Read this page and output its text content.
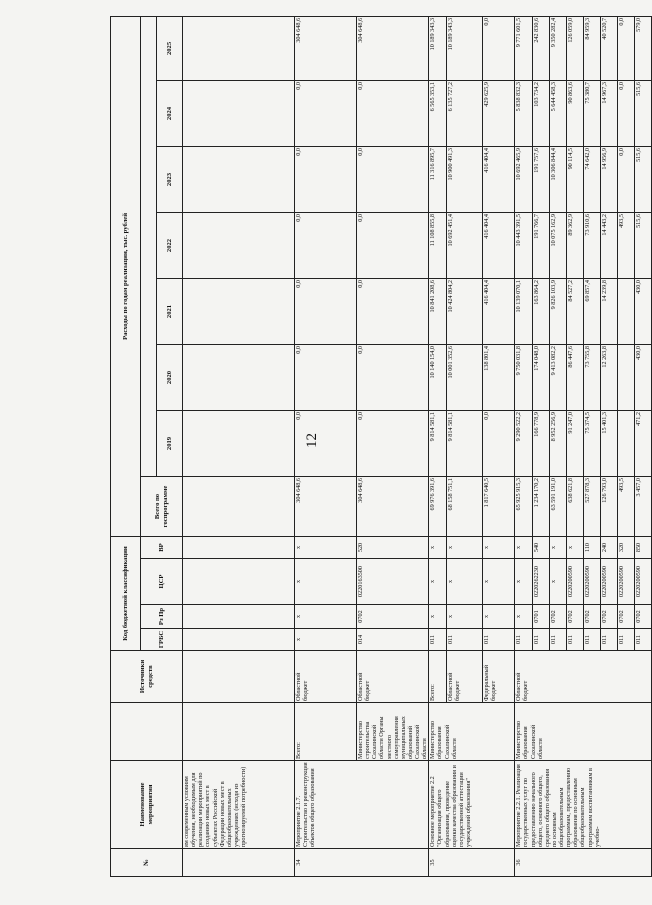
12
№	Наименование мероприятия		Источники средств	Код бюджетной классификации				Расходы по годам реализации, тыс. рублей							
				ГРБС	Рз Пр	ЦСР	ВР	Всего по госпрограмме							
									2019	2020	2021	2022	2023	2024	2025
	ям современным условиям обучения, необходимым для реализации мероприятий по созданию новых мест в субъектах Российской Федерации новых мест в общеобразовательных учреждениях (исходя из прогнозируемой потребности)														
34	Мероприятие 2.1.7. Строительство и реконструкция объектов общего образования	Всего:	Областной бюджет	х	х	х	х	304 648,6	0,0	0,0	0,0	0,0	0,0	0,0	304 648,6
		Министерство строительства Сахалинской области Органы местного самоуправления муниципальных образований Сахалинской области	Областной бюджет	014	0702	0220163500	520	304 648,6	0,0	0,0	0,0	0,0	0,0	0,0	304 648,6
35	Основное мероприятие 2.2 "Организация общего образования, проведение оценки качества образования и государственной аттестации учреждений образования"	Министерство образования Сахалинской области	Всего:	011	х	х	х	69 976 391,6	9 814 581,1	10 140 154,0	10 841 208,6	11 108 855,8	11 316 895,7	6 565 353,1	10 189 343,3
			Областной бюджет	011	х	х	х	68 158 751,1	9 814 581,1	10 001 352,6	10 424 804,2	10 692 451,4	10 900 491,3	6 135 727,2	10 189 343,3
			Федеральный бюджет	011	х	х	х	1 817 640,5	0,0	138 801,4	416 404,4	416 404,4	416 404,4	429 625,9	0,0
36	Мероприятие 2.2.1. Реализация государственных услуг по предоставлению начального общего, основного общего, среднего общего образования по основным общеобразовательным программам, предоставлению образования по основным общеобразовательным программам воспитанникам в учебно-	Министерство образования Сахалинской области	Областной бюджет	011	х	х	х	65 925 915,3	9 290 522,2	9 750 031,8	10 139 070,1	10 443 391,5	10 692 465,9	5 838 832,3	9 771 601,5
				011	0701	0220262230	540	1 234 170,2	166 778,9	174 048,0	163 864,2	191 766,7	191 757,6	103 734,2	242 830,6
				011	0702	х	х	63 591 191,0	8 952 256,9	9 413 082,2	9 826 103,9	10 075 162,9	10 306 844,4	5 644 458,3	9 350 282,4
				011	0702	0220200590	х	638 621,8	91 247,0	86 447,6	84 527,2	89 362,9	90 114,5	90 863,6	126 059,0
				011	0702	0220200590	110	527 878,3	75 374,5	73 755,8	69 857,4	73 910,6	74 642,0	75 380,7	84 959,3
				011	0702	0220200590	240	126 793,0	15 401,3	12 263,8	14 239,8	14 443,2	14 956,9	14 967,3	40 520,7
				011	0702	0220200590	320	493,5				493,5	0,0	0,0	0,0
				011	0702	0220200590	850	3 457,0	471,2	430,0	430,0	515,6	515,6	515,6	579,0
